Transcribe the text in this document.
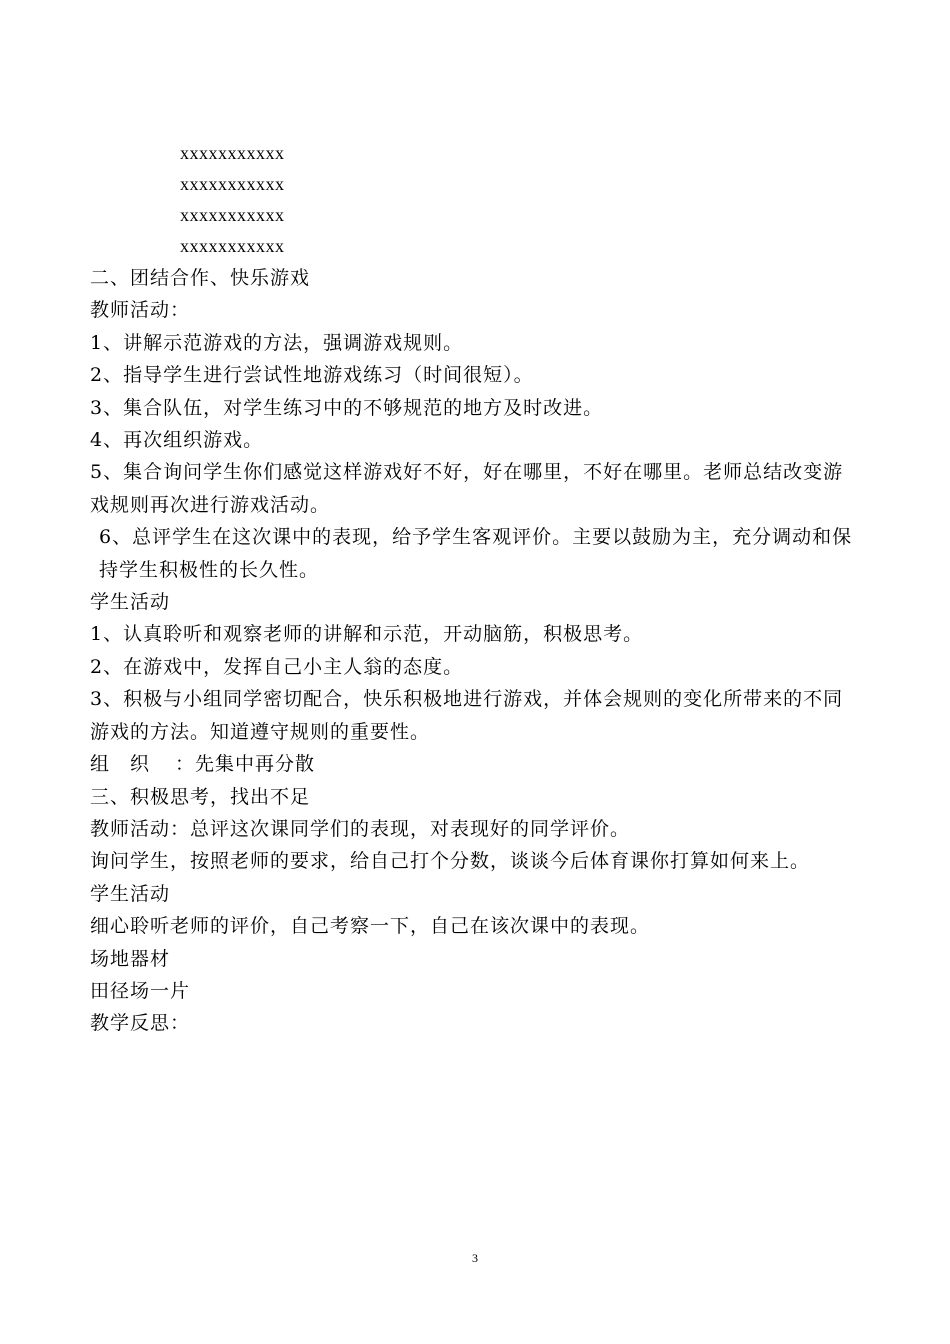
xxxxxxxxxxx
xxxxxxxxxxx
xxxxxxxxxxx
xxxxxxxxxxx

二、团结合作、快乐游戏

教师活动：

1、讲解示范游戏的方法，强调游戏规则。

2、指导学生进行尝试性地游戏练习（时间很短）。

3、集合队伍，对学生练习中的不够规范的地方及时改进。

4、再次组织游戏。

5、集合询问学生你们感觉这样游戏好不好，好在哪里，不好在哪里。老师总结改变游戏规则再次进行游戏活动。

6、总评学生在这次课中的表现，给予学生客观评价。主要以鼓励为主，充分调动和保持学生积极性的长久性。

学生活动

1、认真聆听和观察老师的讲解和示范，开动脑筋，积极思考。

2、在游戏中，发挥自己小主人翁的态度。

3、积极与小组同学密切配合，快乐积极地进行游戏，并体会规则的变化所带来的不同游戏的方法。知道遵守规则的重要性。

组　织 ：先集中再分散

三、积极思考，找出不足

教师活动：总评这次课同学们的表现，对表现好的同学评价。

询问学生，按照老师的要求，给自己打个分数，谈谈今后体育课你打算如何来上。

学生活动

细心聆听老师的评价，自己考察一下，自己在该次课中的表现。

场地器材

田径场一片

教学反思：

3
